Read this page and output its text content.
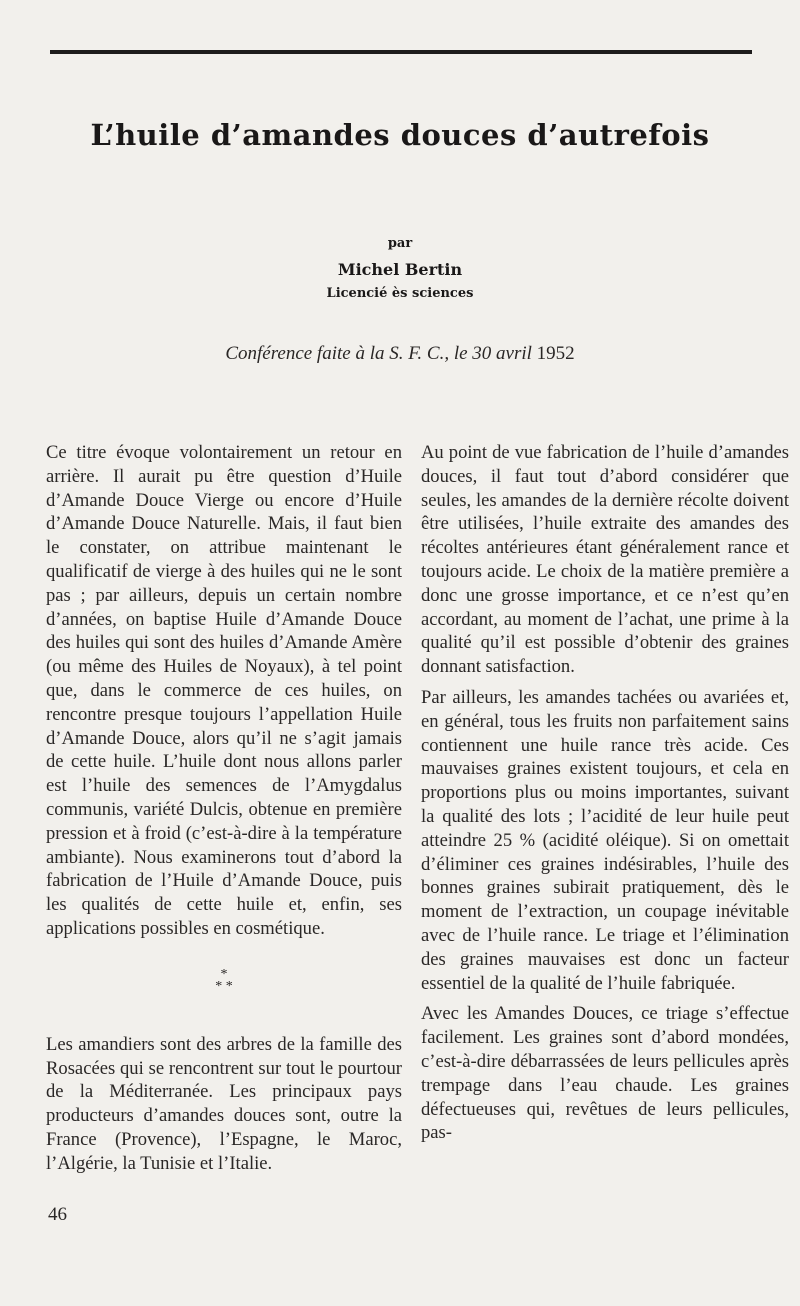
L’huile d’amandes douces d’autrefois
par
Michel Bertin
Licencié ès sciences
Conférence faite à la S. F. C., le 30 avril 1952

Ce titre évoque volontairement un retour en arrière. Il aurait pu être question d’Huile d’Amande Douce Vierge ou encore d’Huile d’Amande Douce Naturelle. Mais, il faut bien le constater, on attribue maintenant le qualificatif de vierge à des huiles qui ne le sont pas ; par ailleurs, depuis un certain nombre d’années, on baptise Huile d’Amande Douce des huiles qui sont des huiles d’Amande Amère (ou même des Huiles de Noyaux), à tel point que, dans le commerce de ces huiles, on rencontre presque toujours l’appellation Huile d’Amande Douce, alors qu’il ne s’agit jamais de cette huile. L’huile dont nous allons parler est l’huile des semences de l’Amygdalus communis, variété Dulcis, obtenue en première pression et à froid (c’est-à-dire à la température ambiante). Nous examinerons tout d’abord la fabrication de l’Huile d’Amande Douce, puis les qualités de cette huile et, enfin, ses applications possibles en cosmétique.

*
* *

Les amandiers sont des arbres de la famille des Rosacées qui se rencontrent sur tout le pourtour de la Méditerranée. Les principaux pays producteurs d’amandes douces sont, outre la France (Provence), l’Espagne, le Maroc, l’Algérie, la Tunisie et l’Italie.

Au point de vue fabrication de l’huile d’amandes douces, il faut tout d’abord considérer que seules, les amandes de la dernière récolte doivent être utilisées, l’huile extraite des amandes des récoltes antérieures étant généralement rance et toujours acide. Le choix de la matière première a donc une grosse importance, et ce n’est qu’en accordant, au moment de l’achat, une prime à la qualité qu’il est possible d’obtenir des graines donnant satisfaction.

Par ailleurs, les amandes tachées ou avariées et, en général, tous les fruits non parfaitement sains contiennent une huile rance très acide. Ces mauvaises graines existent toujours, et cela en proportions plus ou moins importantes, suivant la qualité des lots ; l’acidité de leur huile peut atteindre 25 % (acidité oléique). Si on omettait d’éliminer ces graines indésirables, l’huile des bonnes graines subirait pratiquement, dès le moment de l’extraction, un coupage inévitable avec de l’huile rance. Le triage et l’élimination des graines mauvaises est donc un facteur essentiel de la qualité de l’huile fabriquée.

Avec les Amandes Douces, ce triage s’effectue facilement. Les graines sont d’abord mondées, c’est-à-dire débarrassées de leurs pellicules après trempage dans l’eau chaude. Les graines défectueuses qui, revêtues de leurs pellicules, pas-

46
